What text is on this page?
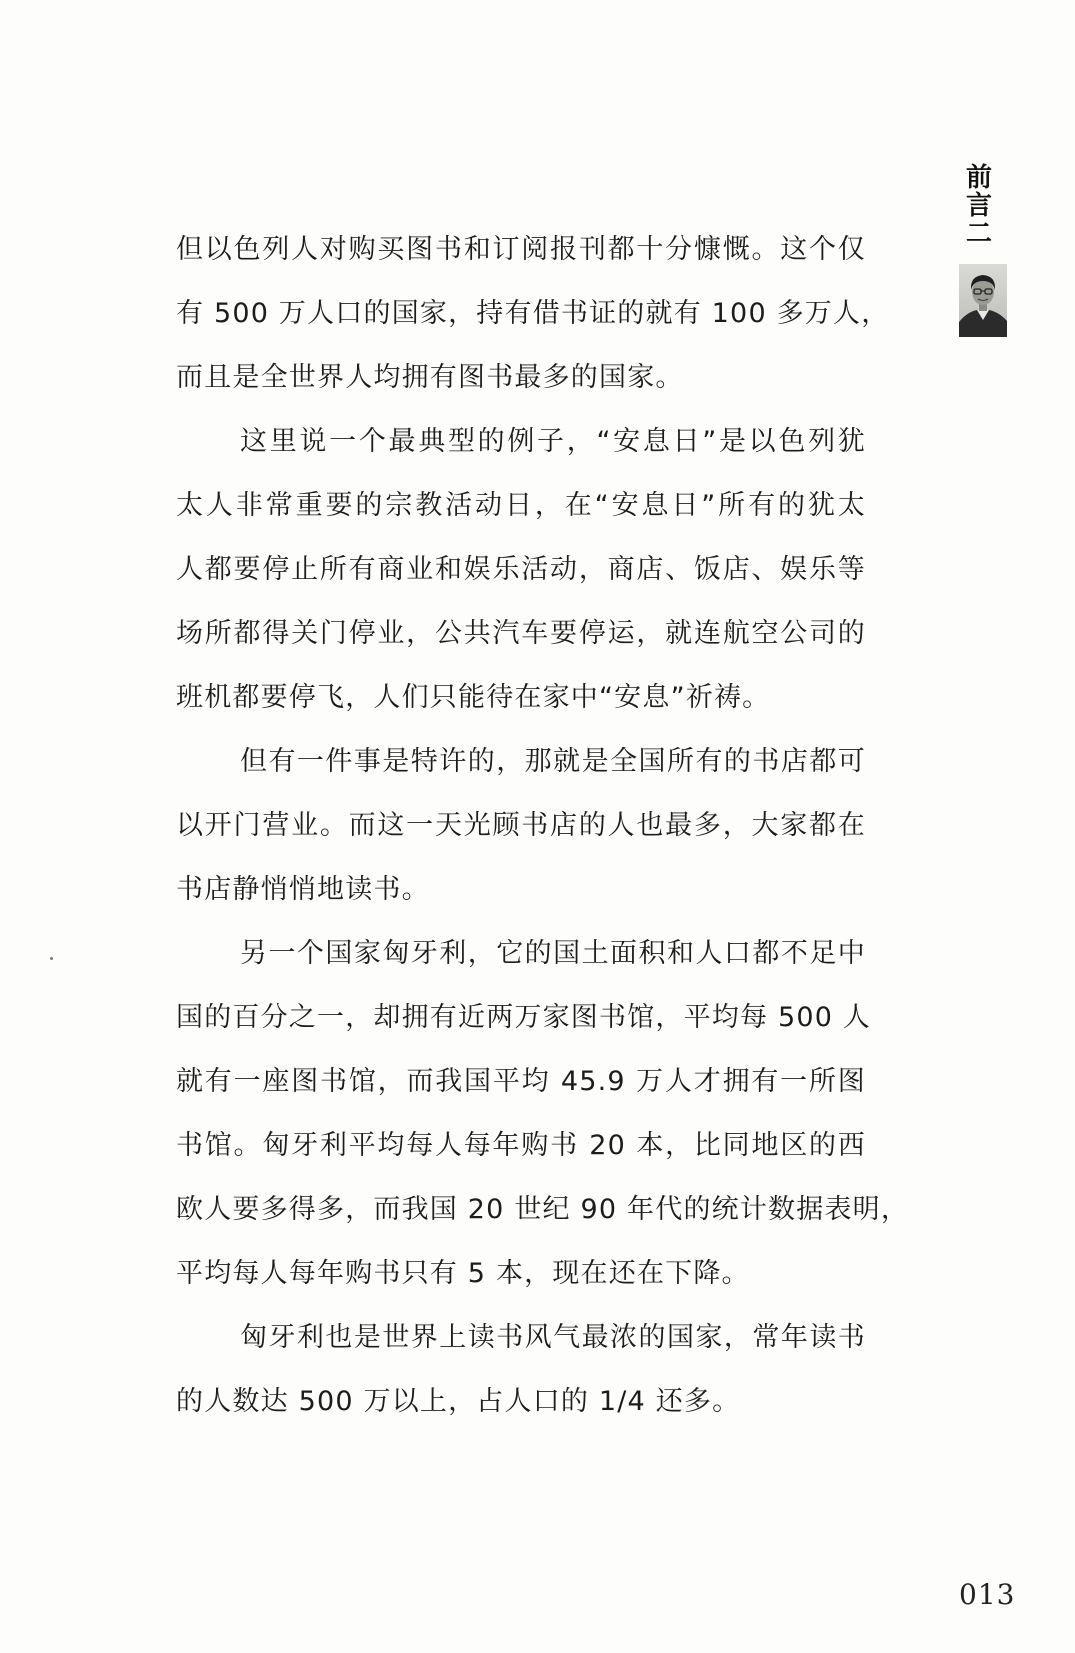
前
言
二
但以色列人对购买图书和订阅报刊都十分慷慨。这个仅
有 500 万人口的国家，持有借书证的就有 100 多万人，
而且是全世界人均拥有图书最多的国家。
这里说一个最典型的例子，“安息日”是以色列犹
太人非常重要的宗教活动日，在“安息日”所有的犹太
人都要停止所有商业和娱乐活动，商店、饭店、娱乐等
场所都得关门停业，公共汽车要停运，就连航空公司的
班机都要停飞，人们只能待在家中“安息”祈祷。
但有一件事是特许的，那就是全国所有的书店都可
以开门营业。而这一天光顾书店的人也最多，大家都在
书店静悄悄地读书。
另一个国家匈牙利，它的国土面积和人口都不足中
国的百分之一，却拥有近两万家图书馆，平均每 500 人
就有一座图书馆，而我国平均 45.9 万人才拥有一所图
书馆。匈牙利平均每人每年购书 20 本，比同地区的西
欧人要多得多，而我国 20 世纪 90 年代的统计数据表明，
平均每人每年购书只有 5 本，现在还在下降。
匈牙利也是世界上读书风气最浓的国家，常年读书
的人数达 500 万以上，占人口的 1/4 还多。
013
